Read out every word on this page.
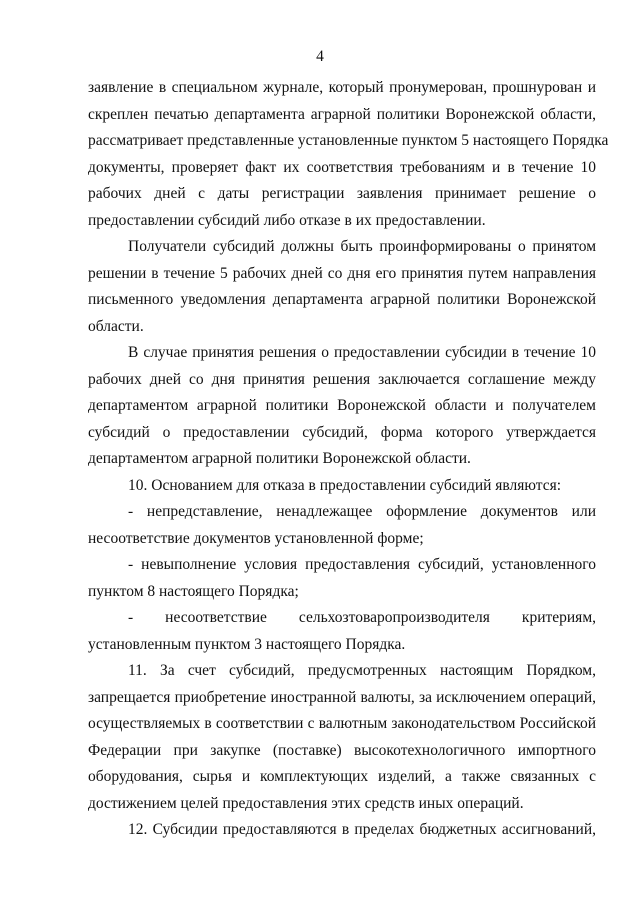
4
заявление в специальном журнале, который пронумерован, прошнурован и
скреплен печатью департамента аграрной политики Воронежской области,
рассматривает представленные установленные пунктом 5 настоящего Порядка
документы, проверяет факт их соответствия требованиям и в течение 10
рабочих дней с даты регистрации заявления принимает решение о
предоставлении субсидий либо отказе в их предоставлении.
Получатели субсидий должны быть проинформированы о принятом
решении в течение 5 рабочих дней со дня его принятия путем направления
письменного уведомления департамента аграрной политики Воронежской
области.
В случае принятия решения о предоставлении субсидии в течение 10
рабочих дней со дня принятия решения заключается соглашение между
департаментом аграрной политики Воронежской области и получателем
субсидий о предоставлении субсидий, форма которого утверждается
департаментом аграрной политики Воронежской области.
10. Основанием для отказа в предоставлении субсидий являются:
- непредставление, ненадлежащее оформление документов или
несоответствие документов установленной форме;
- невыполнение условия предоставления субсидий, установленного
пунктом 8 настоящего Порядка;
- несоответствие сельхозтоваропроизводителя критериям,
установленным пунктом 3 настоящего Порядка.
11. За счет субсидий, предусмотренных настоящим Порядком,
запрещается приобретение иностранной валюты, за исключением операций,
осуществляемых в соответствии с валютным законодательством Российской
Федерации при закупке (поставке) высокотехнологичного импортного
оборудования, сырья и комплектующих изделий, а также связанных с
достижением целей предоставления этих средств иных операций.
12. Субсидии предоставляются в пределах бюджетных ассигнований,
